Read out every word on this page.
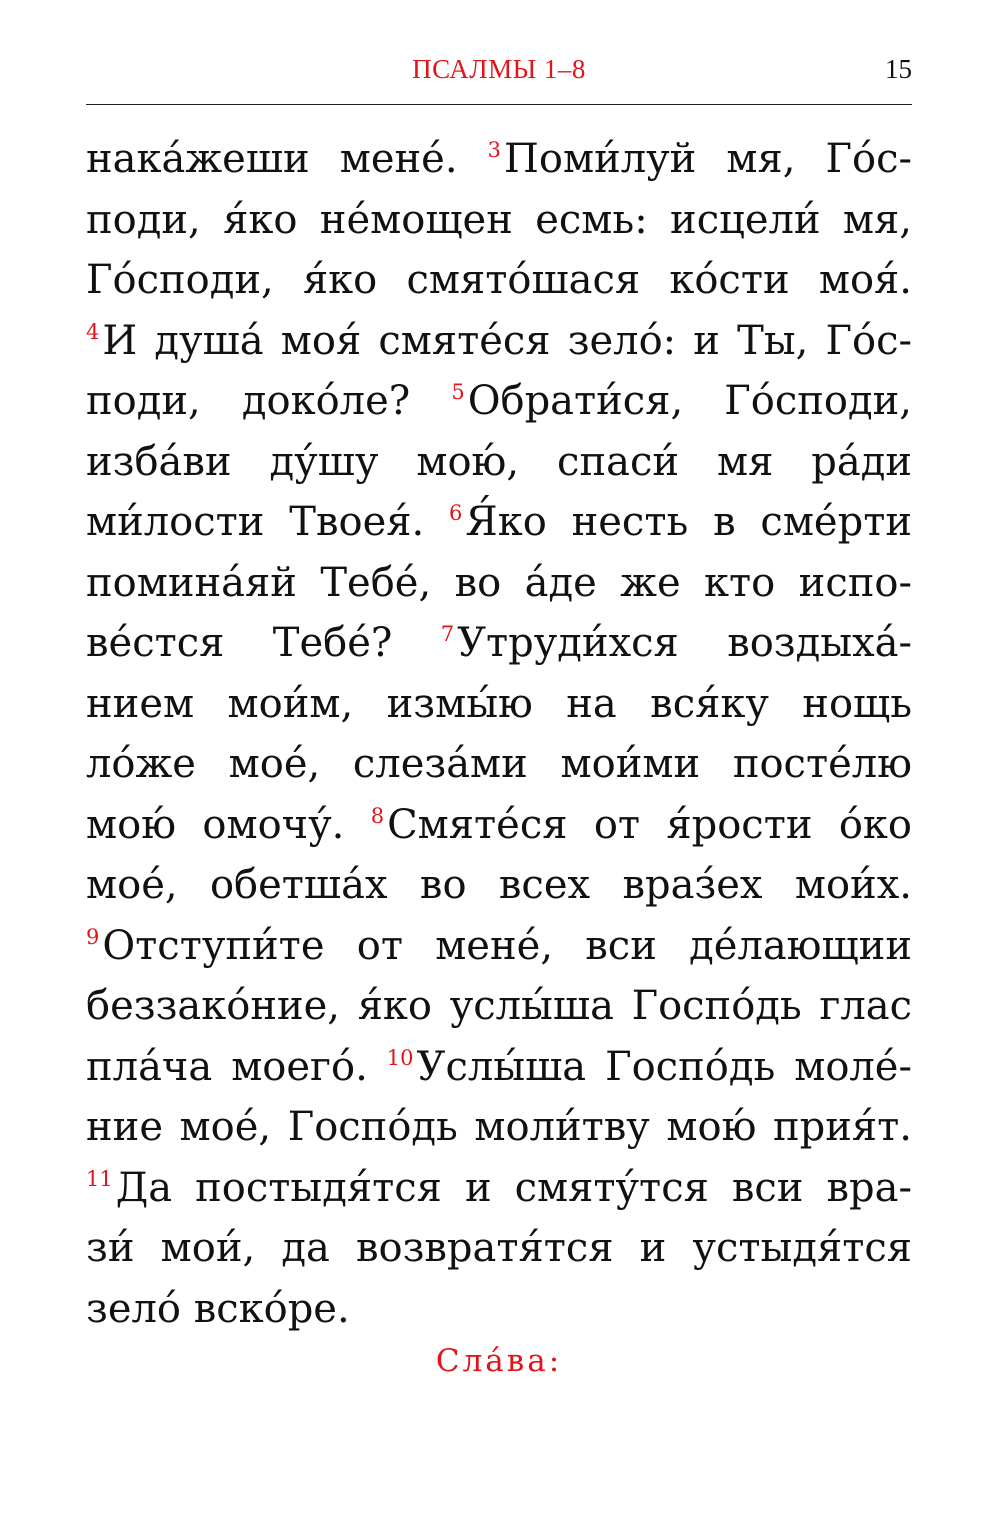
ПСАЛМЫ 1–8	15
нака́жеши мене́. $^3$Поми́луй мя, Го́с-
поди, я́ко не́мощен есмь: исцели́ мя,
Го́споди, я́ко смято́шася ко́сти моя́.
$^4$И душа́ моя́ смяте́ся зело́: и Ты, Го́с-
поди, доко́ле? $^5$Обрати́ся, Го́споди,
изба́ви ду́шу мою́, спаси́ мя ра́ди
ми́лости Твоея́. $^6$Я́ко несть в сме́рти
помина́яй Тебе́, во а́де же кто испо-
ве́стся Тебе́? $^7$Утруди́хся воздыха́-
нием мои́м, измы́ю на вся́ку нощь
ло́же мое́, слеза́ми мои́ми посте́лю
мою́ омочу́. $^8$Смяте́ся от я́рости о́ко
мое́, обетша́х во всех враз́ех мои́х.
$^9$Отступи́те от мене́, вси де́лающии
беззако́ние, я́ко услы́ша Госпо́дь глас
пла́ча моего́. $^{10}$Услы́ша Госпо́дь моле́-
ние мое́, Госпо́дь моли́тву мою́ прия́т.
$^{11}$Да постыдя́тся и смяту́тся вси вра-
зи́ мои́, да возвратя́тся и устыдя́тся
зело́ вско́ре.
Сла́ва:
